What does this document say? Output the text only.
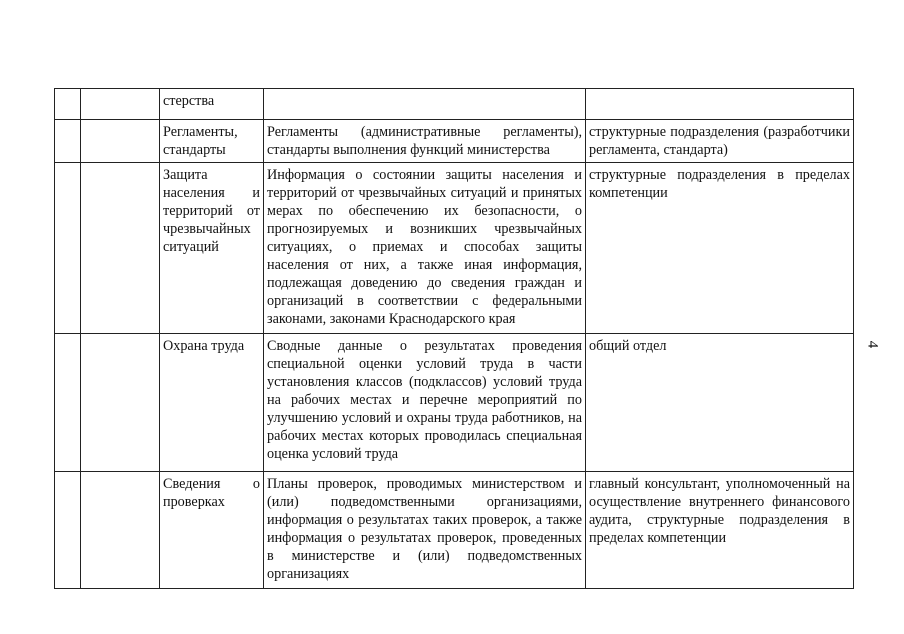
		стерства		
		Регламенты, стандарты	Регламенты (административные регламенты), стандарты выполнения функций министерства	структурные подразделения (разработчики регламента, стандарта)
		Защита населения и территорий от чрезвычайных ситуаций	Информация о состоянии защиты населения и территорий от чрезвычайных ситуаций и принятых мерах по обеспечению их безопасности, о прогнозируемых и возникших чрезвычайных ситуациях, о приемах и способах защиты населения от них, а также иная информация, подлежащая доведению до сведения граждан и организаций в соответствии с федеральными законами, законами Краснодарского края	структурные подразделения в пределах компетенции
		Охрана труда	Сводные данные о результатах проведения специальной оценки условий труда в части установления классов (подклассов) условий труда на рабочих местах и перечне мероприятий по улучшению условий и охраны труда работников, на рабочих местах которых проводилась специальная оценка условий труда	общий отдел
		Сведения о проверках	Планы проверок, проводимых министерством и (или) подведомственными организациями, информация о результатах таких проверок, а также информация о результатах проверок, проведенных в министерстве и (или) подведомственных организациях	главный консультант, уполномоченный на осуществление внутреннего финансового аудита, структурные подразделения в пределах компетенции
4
